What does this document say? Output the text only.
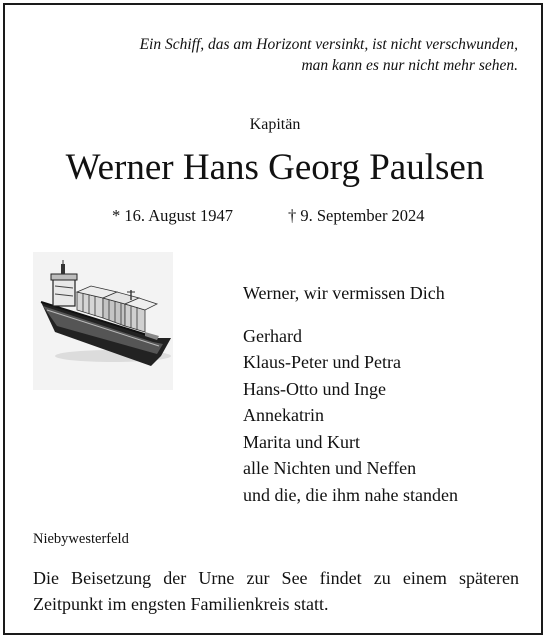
Ein Schiff, das am Horizont versinkt, ist nicht verschwunden,
man kann es nur nicht mehr sehen.
Kapitän
Werner Hans Georg Paulsen
* 16. August 1947	† 9. September 2024
Werner, wir vermissen Dich
Gerhard
Klaus-Peter und Petra
Hans-Otto und Inge
Annekatrin
Marita und Kurt
alle Nichten und Neffen
und die, die ihm nahe standen
Niebywesterfeld
Die Beisetzung der Urne zur See findet zu einem späteren Zeitpunkt im engsten Familienkreis statt.
